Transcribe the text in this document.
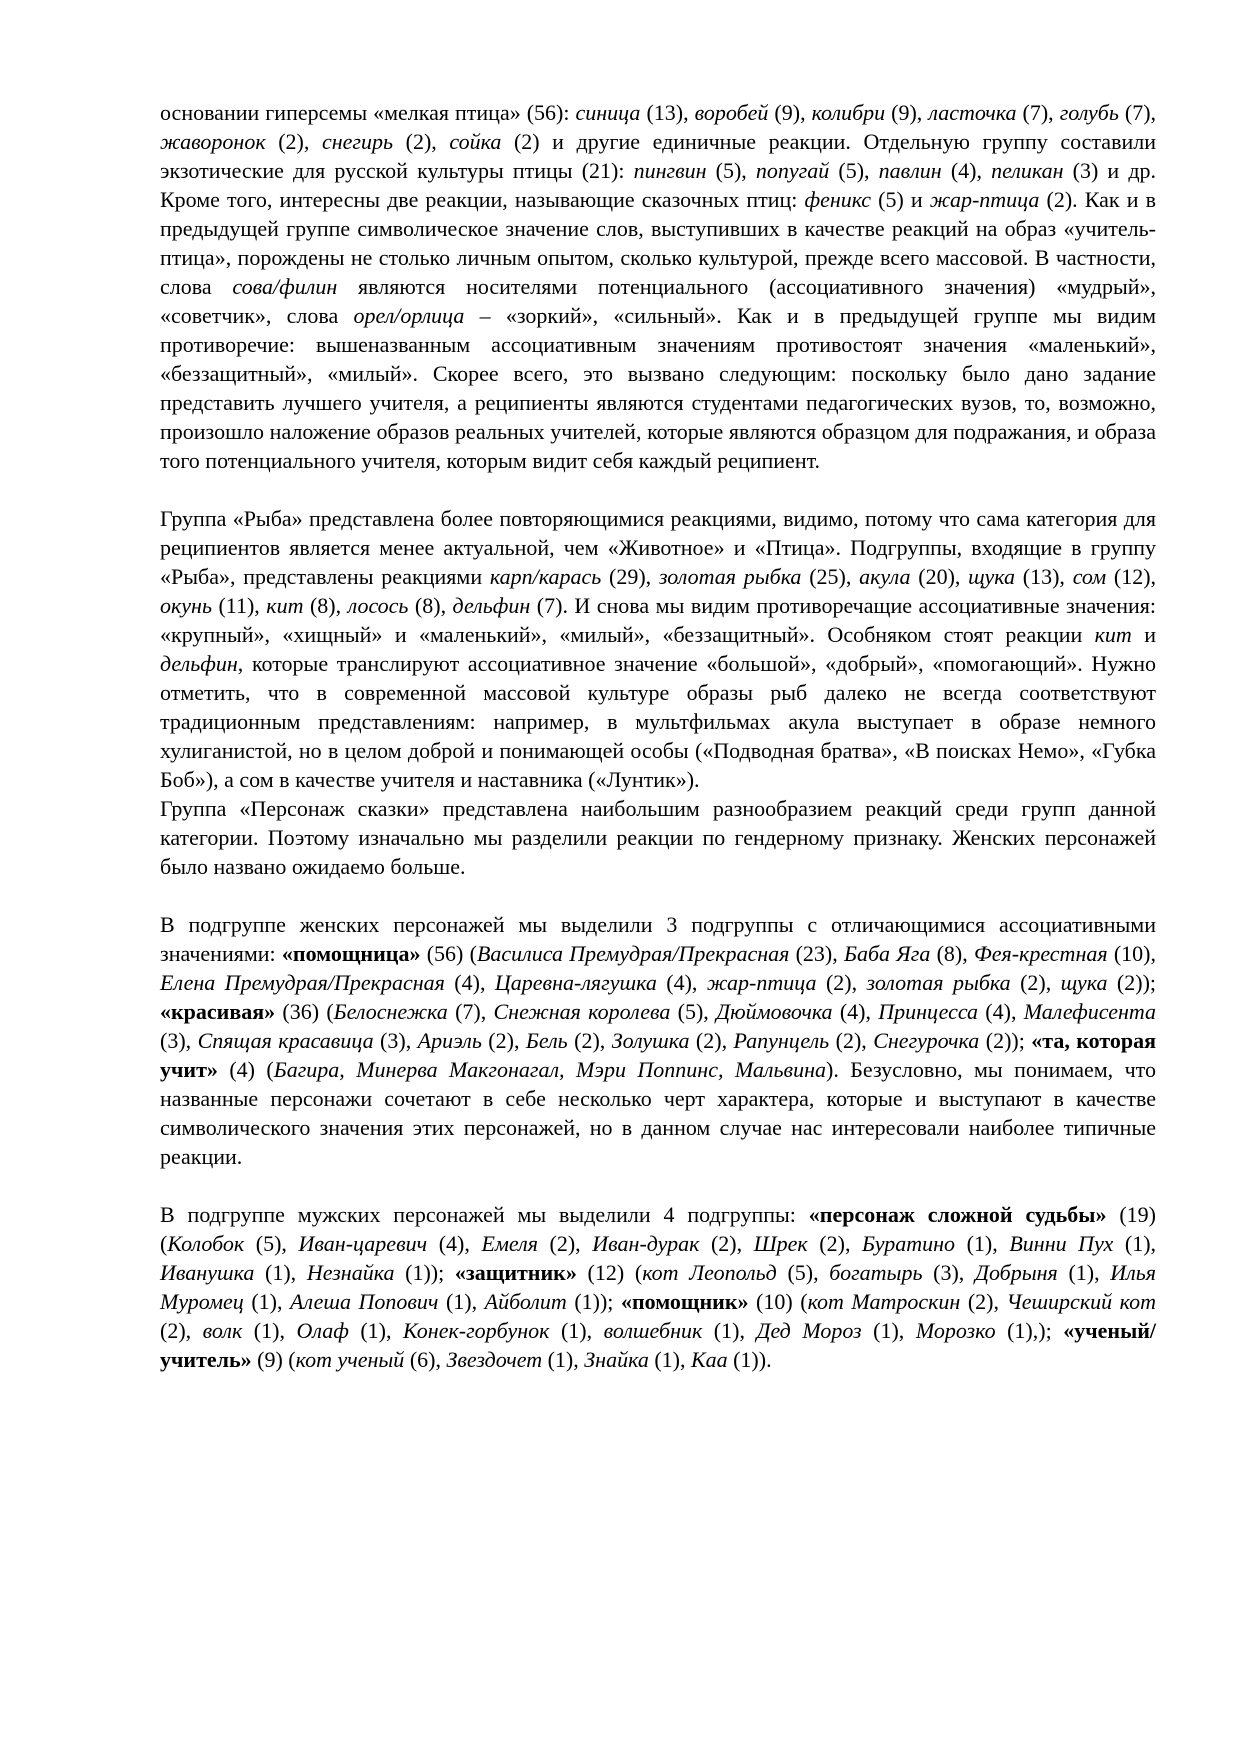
основании гиперсемы «мелкая птица» (56): синица (13), воробей (9), колибри (9), ласточка (7), голубь (7), жаворонок (2), снегирь (2), сойка (2) и другие единичные реакции. Отдельную группу составили экзотические для русской культуры птицы (21): пингвин (5), попугай (5), павлин (4), пеликан (3) и др. Кроме того, интересны две реакции, называющие сказочных птиц: феникс (5) и жар-птица (2). Как и в предыдущей группе символическое значение слов, выступивших в качестве реакций на образ «учитель-птица», порождены не столько личным опытом, сколько культурой, прежде всего массовой. В частности, слова сова/филин являются носителями потенциального (ассоциативного значения) «мудрый», «советчик», слова орел/орлица – «зоркий», «сильный». Как и в предыдущей группе мы видим противоречие: вышеназванным ассоциативным значениям противостоят значения «маленький», «беззащитный», «милый». Скорее всего, это вызвано следующим: поскольку было дано задание представить лучшего учителя, а реципиенты являются студентами педагогических вузов, то, возможно, произошло наложение образов реальных учителей, которые являются образцом для подражания, и образа того потенциального учителя, которым видит себя каждый реципиент.

Группа «Рыба» представлена более повторяющимися реакциями, видимо, потому что сама категория для реципиентов является менее актуальной, чем «Животное» и «Птица». Подгруппы, входящие в группу «Рыба», представлены реакциями карп/карась (29), золотая рыбка (25), акула (20), щука (13), сом (12), окунь (11), кит (8), лосось (8), дельфин (7). И снова мы видим противоречащие ассоциативные значения: «крупный», «хищный» и «маленький», «милый», «беззащитный». Особняком стоят реакции кит и дельфин, которые транслируют ассоциативное значение «большой», «добрый», «помогающий». Нужно отметить, что в современной массовой культуре образы рыб далеко не всегда соответствуют традиционным представлениям: например, в мультфильмах акула выступает в образе немного хулиганистой, но в целом доброй и понимающей особы («Подводная братва», «В поисках Немо», «Губка Боб»), а сом в качестве учителя и наставника («Лунтик»).

Группа «Персонаж сказки» представлена наибольшим разнообразием реакций среди групп данной категории. Поэтому изначально мы разделили реакции по гендерному признаку. Женских персонажей было названо ожидаемо больше.

В подгруппе женских персонажей мы выделили 3 подгруппы с отличающимися ассоциативными значениями: «помощница» (56) (Василиса Премудрая/Прекрасная (23), Баба Яга (8), Фея-крестная (10), Елена Премудрая/Прекрасная (4), Царевна-лягушка (4), жар-птица (2), золотая рыбка (2), щука (2)); «красивая» (36) (Белоснежка (7), Снежная королева (5), Дюймовочка (4), Принцесса (4), Малефисента (3), Спящая красавица (3), Ариэль (2), Бель (2), Золушка (2), Рапунцель (2), Снегурочка (2)); «та, которая учит» (4) (Багира, Минерва Макгонагал, Мэри Поппинс, Мальвина). Безусловно, мы понимаем, что названные персонажи сочетают в себе несколько черт характера, которые и выступают в качестве символического значения этих персонажей, но в данном случае нас интересовали наиболее типичные реакции.

В подгруппе мужских персонажей мы выделили 4 подгруппы: «персонаж сложной судьбы» (19) (Колобок (5), Иван-царевич (4), Емеля (2), Иван-дурак (2), Шрек (2), Буратино (1), Винни Пух (1), Иванушка (1), Незнайка (1)); «защитник» (12) (кот Леопольд (5), богатырь (3), Добрыня (1), Илья Муромец (1), Алеша Попович (1), Айболит (1)); «помощник» (10) (кот Матроскин (2), Чеширский кот (2), волк (1), Олаф (1), Конек-горбунок (1), волшебник (1), Дед Мороз (1), Морозко (1),); «ученый/учитель» (9) (кот ученый (6), Звездочет (1), Знайка (1), Каа (1)).
